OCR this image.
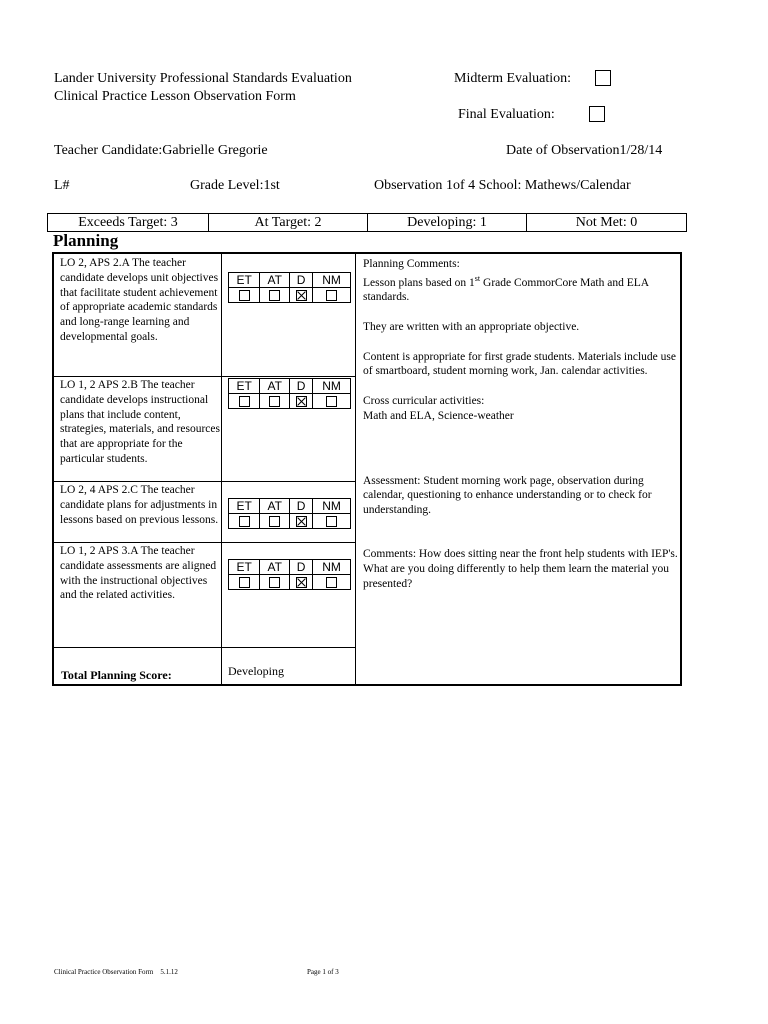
Lander University Professional Standards Evaluation
Clinical Practice Lesson Observation Form
Midterm Evaluation:
Final Evaluation:
Teacher Candidate:Gabrielle Gregorie	Date of Observation1/28/14
L#	Grade Level:1st	Observation 1of 4 School: Mathews/Calendar
Exceeds Target: 3	At Target: 2	Developing: 1	Not Met: 0
Planning
LO 2, APS 2.A The teacher candidate develops unit objectives that facilitate student achievement of appropriate academic standards and long-range learning and developmental goals.
ET	AT	D	NM

LO 1, 2 APS 2.B The teacher candidate develops instructional plans that include content, strategies, materials, and resources that are appropriate for the particular students.
ET	AT	D	NM

LO 2, 4 APS 2.C The teacher candidate plans for adjustments in lessons based on previous lessons.
ET	AT	D	NM

LO 1, 2 APS 3.A The teacher candidate assessments are aligned with the instructional objectives and the related activities.
ET	AT	D	NM

Total Planning Score:	Developing

Planning Comments:
Lesson plans based on 1st Grade CommorCore Math and ELA standards.

They are written with an appropriate objective.

Content is appropriate for first grade students. Materials include use of smartboard, student morning work, Jan. calendar activities.

Cross curricular activities:
Math and ELA, Science-weather

Assessment: Student morning work page, observation during calendar, questioning to enhance understanding or to check for understanding.

Comments: How does sitting near the front help students with IEP's. What are you doing differently to help them learn the material you presented?

Clinical Practice Observation Form 5.1.12	Page 1 of 3
